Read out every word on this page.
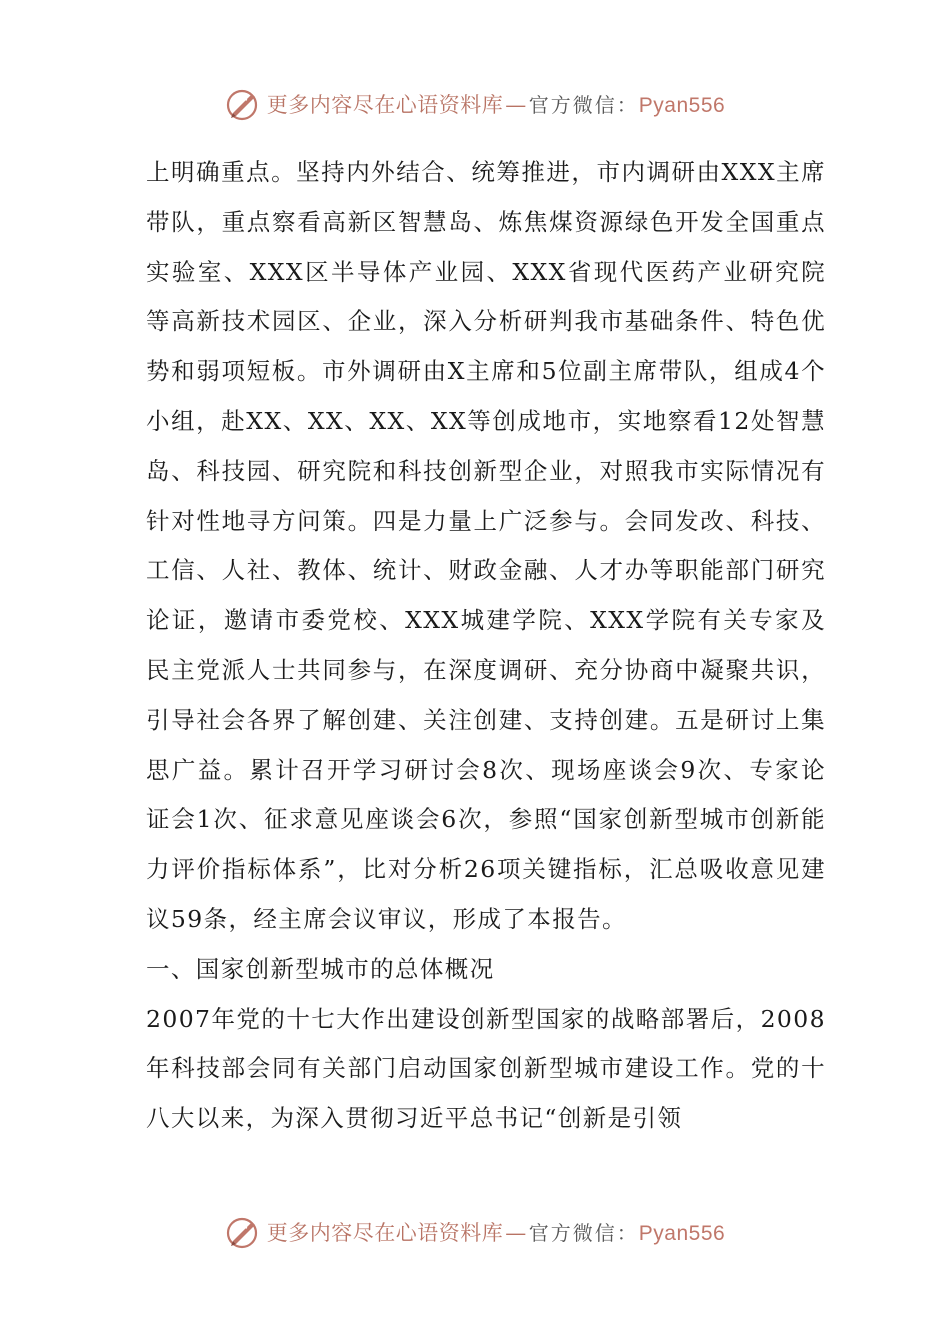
更多内容尽在心语资料库— 官方微信：Pyan556

上明确重点。坚持内外结合、统筹推进，市内调研由XXX主席带队，重点察看高新区智慧岛、炼焦煤资源绿色开发全国重点实验室、XXX区半导体产业园、XXX省现代医药产业研究院等高新技术园区、企业，深入分析研判我市基础条件、特色优势和弱项短板。市外调研由X主席和5位副主席带队，组成4个小组，赴XX、XX、XX、XX等创成地市，实地察看12处智慧岛、科技园、研究院和科技创新型企业，对照我市实际情况有针对性地寻方问策。四是力量上广泛参与。会同发改、科技、工信、人社、教体、统计、财政金融、人才办等职能部门研究论证，邀请市委党校、XXX城建学院、XXX学院有关专家及民主党派人士共同参与，在深度调研、充分协商中凝聚共识，引导社会各界了解创建、关注创建、支持创建。五是研讨上集思广益。累计召开学习研讨会8次、现场座谈会9次、专家论证会1次、征求意见座谈会6次，参照“国家创新型城市创新能力评价指标体系”，比对分析26项关键指标，汇总吸收意见建议59条，经主席会议审议，形成了本报告。

一、国家创新型城市的总体概况

2007年党的十七大作出建设创新型国家的战略部署后，2008年科技部会同有关部门启动国家创新型城市建设工作。党的十八大以来，为深入贯彻习近平总书记“创新是引领

更多内容尽在心语资料库— 官方微信：Pyan556
